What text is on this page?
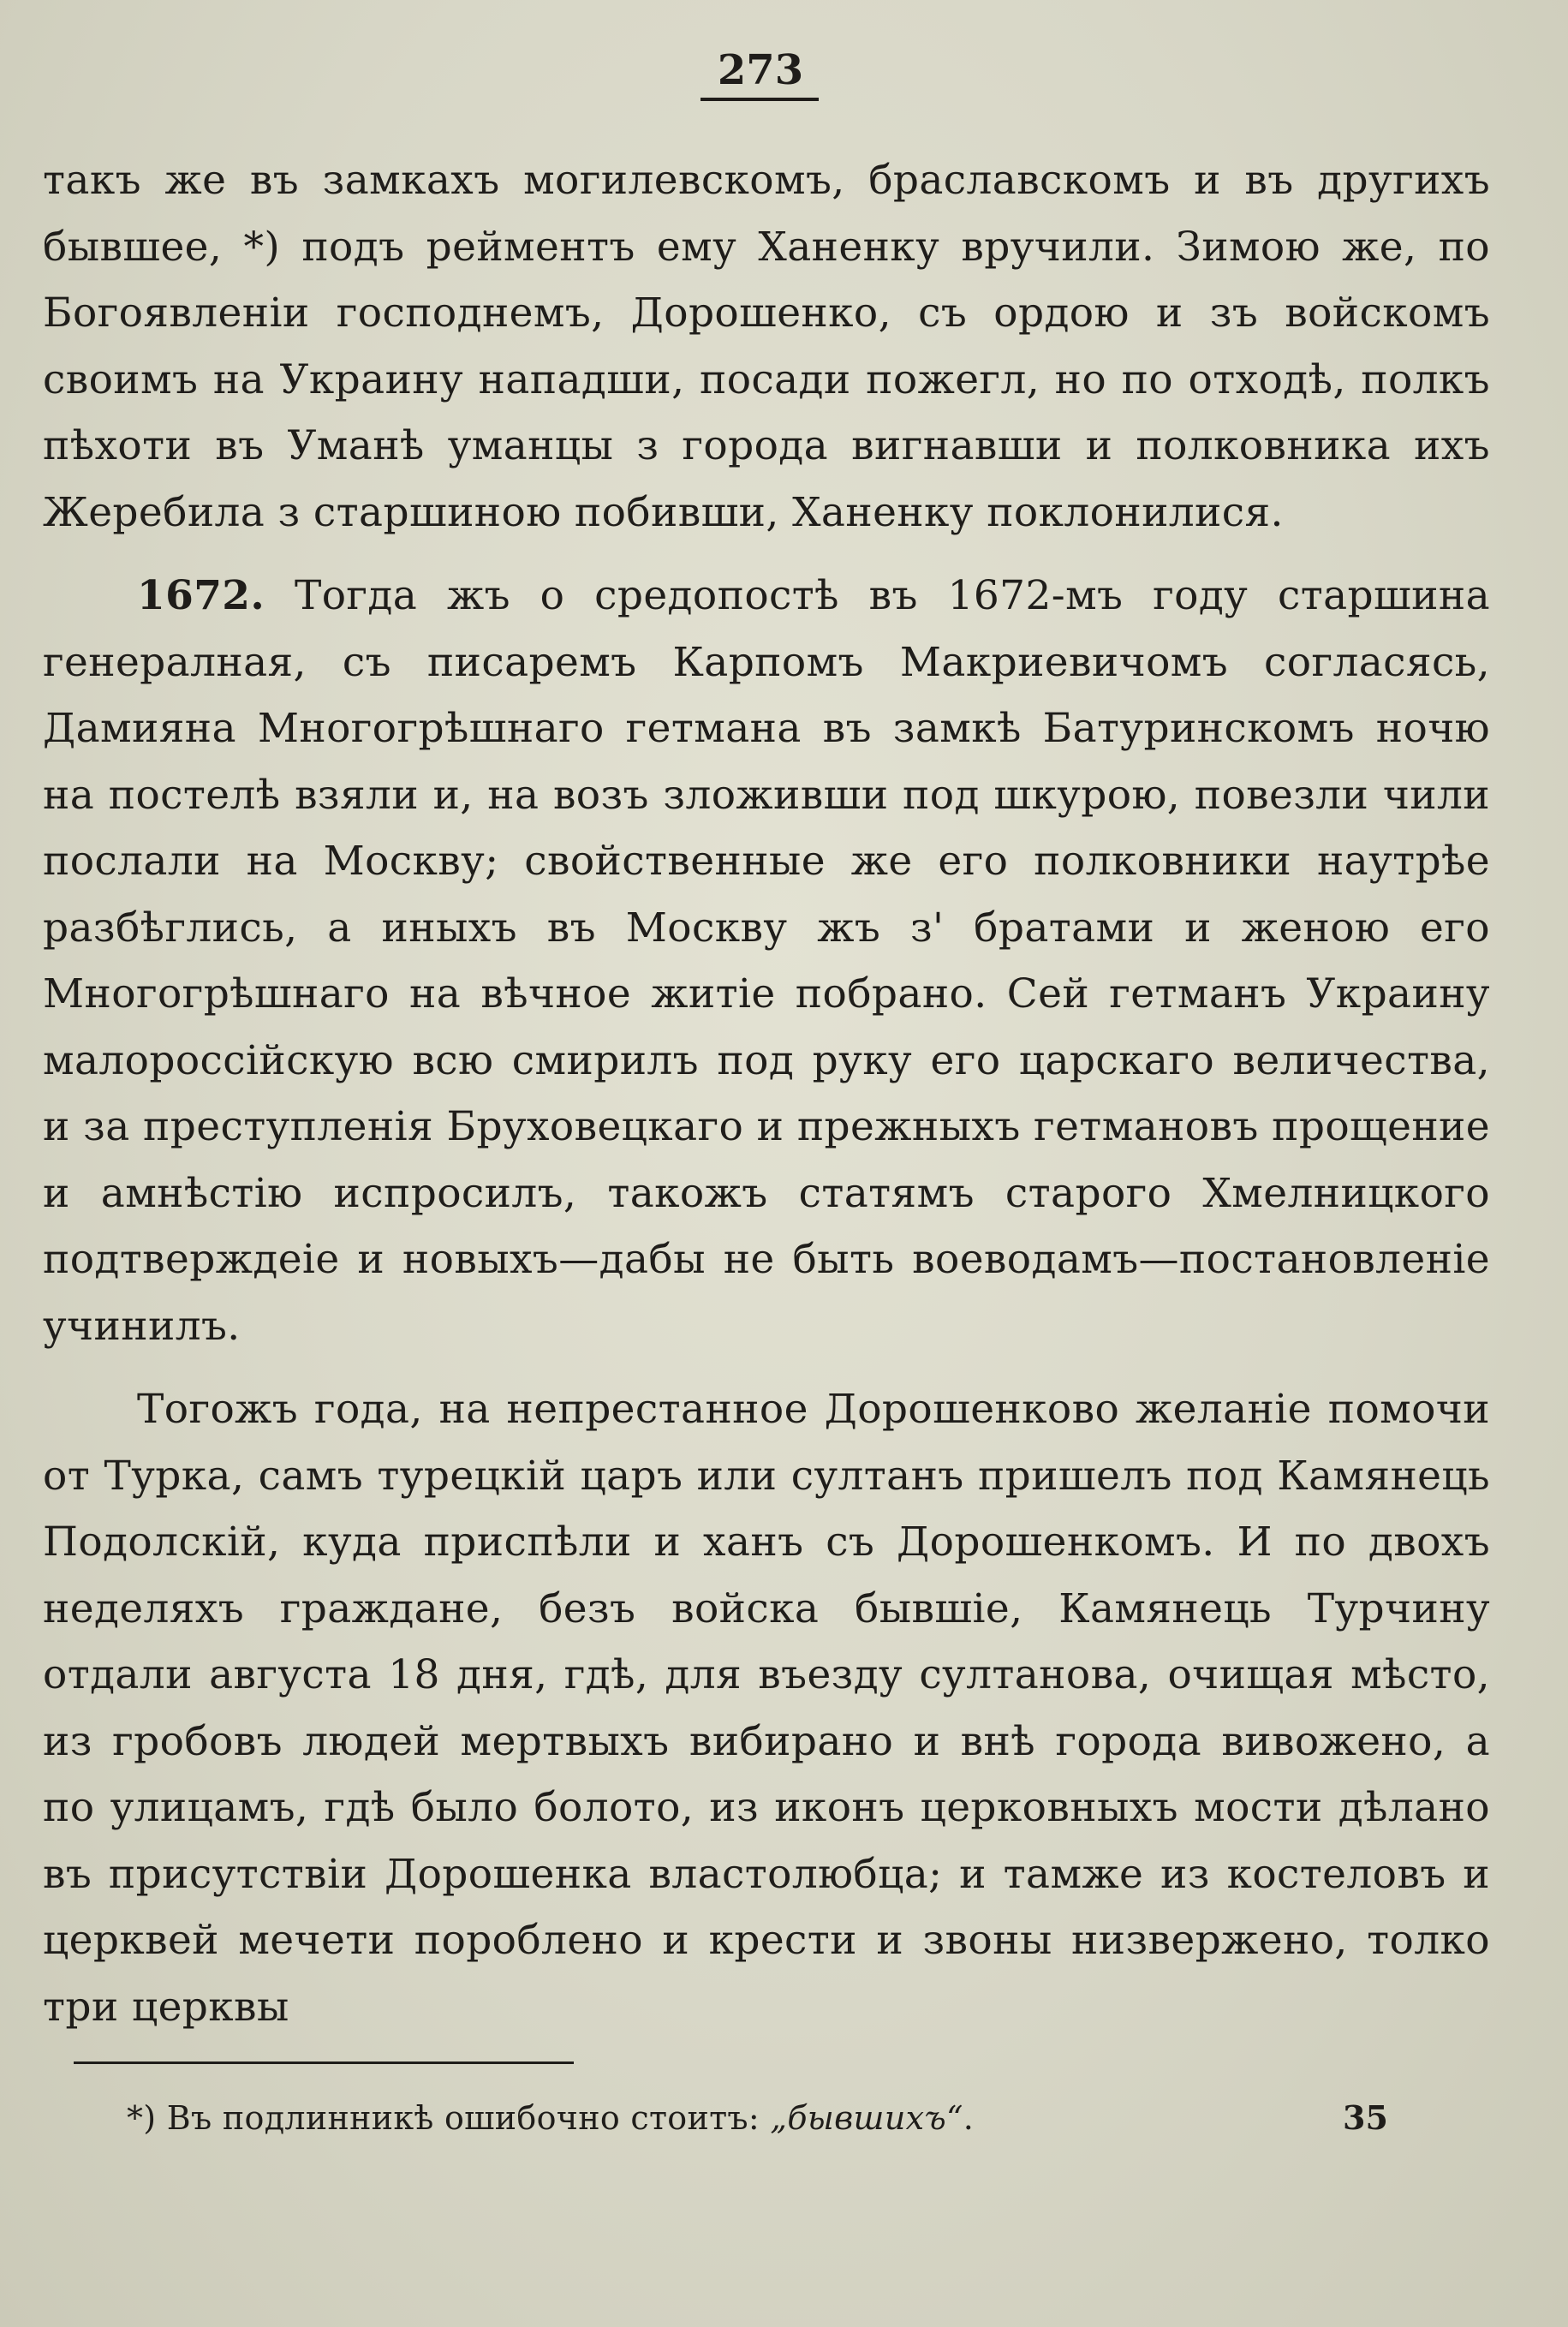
273

такъ же въ замкахъ могилевскомъ, браславскомъ и въ другихъ бывшее, *) подъ рейментъ ему Ханенку вручили. Зимою же, по Богоявленіи господнемъ, Дорошенко, съ ордою и зъ войскомъ своимъ на Украину нападши, посади пожегл, но по отходѣ, полкъ пѣхоти въ Уманѣ уманцы з города вигнавши и полковника ихъ Жеребила з старшиною побивши, Ханенку поклонилися.

1672. Тогда жъ о средопостѣ въ 1672-мъ году старшина генералная, съ писаремъ Карпомъ Макриевичомъ согласясь, Дамияна Многогрѣшнаго гетмана въ замкѣ Батуринскомъ ночю на постелѣ взяли и, на возъ зложивши под шкурою, повезли чили послали на Москву; свойственные же его полковники наутрѣе разбѣглись, а иныхъ въ Москву жъ з' братами и женою его Многогрѣшнаго на вѣчное житіе побрано. Сей гетманъ Украину малороссійскую всю смирилъ под руку его царскаго величества, и за преступленія Бруховецкаго и прежныхъ гетмановъ прощение и амнѣстію испросилъ, такожъ статямъ старого Хмелницкого подтверждеіе и новыхъ—дабы не быть воеводамъ—постановленіе учинилъ.

Тогожъ года, на непрестанное Дорошенково желаніе помочи от Турка, самъ турецкій царъ или султанъ пришелъ под Камянець Подолскій, куда приспѣли и ханъ съ Дорошенкомъ. И по двохъ неделяхъ граждане, безъ войска бывшіе, Камянець Турчину отдали августа 18 дня, гдѣ, для въезду султанова, очищая мѣсто, из гробовъ людей мертвыхъ вибирано и внѣ города вивожено, а по улицамъ, гдѣ было болото, из иконъ церковныхъ мости дѣлано въ присутствіи Дорошенка властолюбца; и тамже из костеловъ и церквей мечети пороблено и крести и звоны низвержено, толко три церквы

*) Въ подлинникѣ ошибочно стоитъ: „бывшихъ“.	35
